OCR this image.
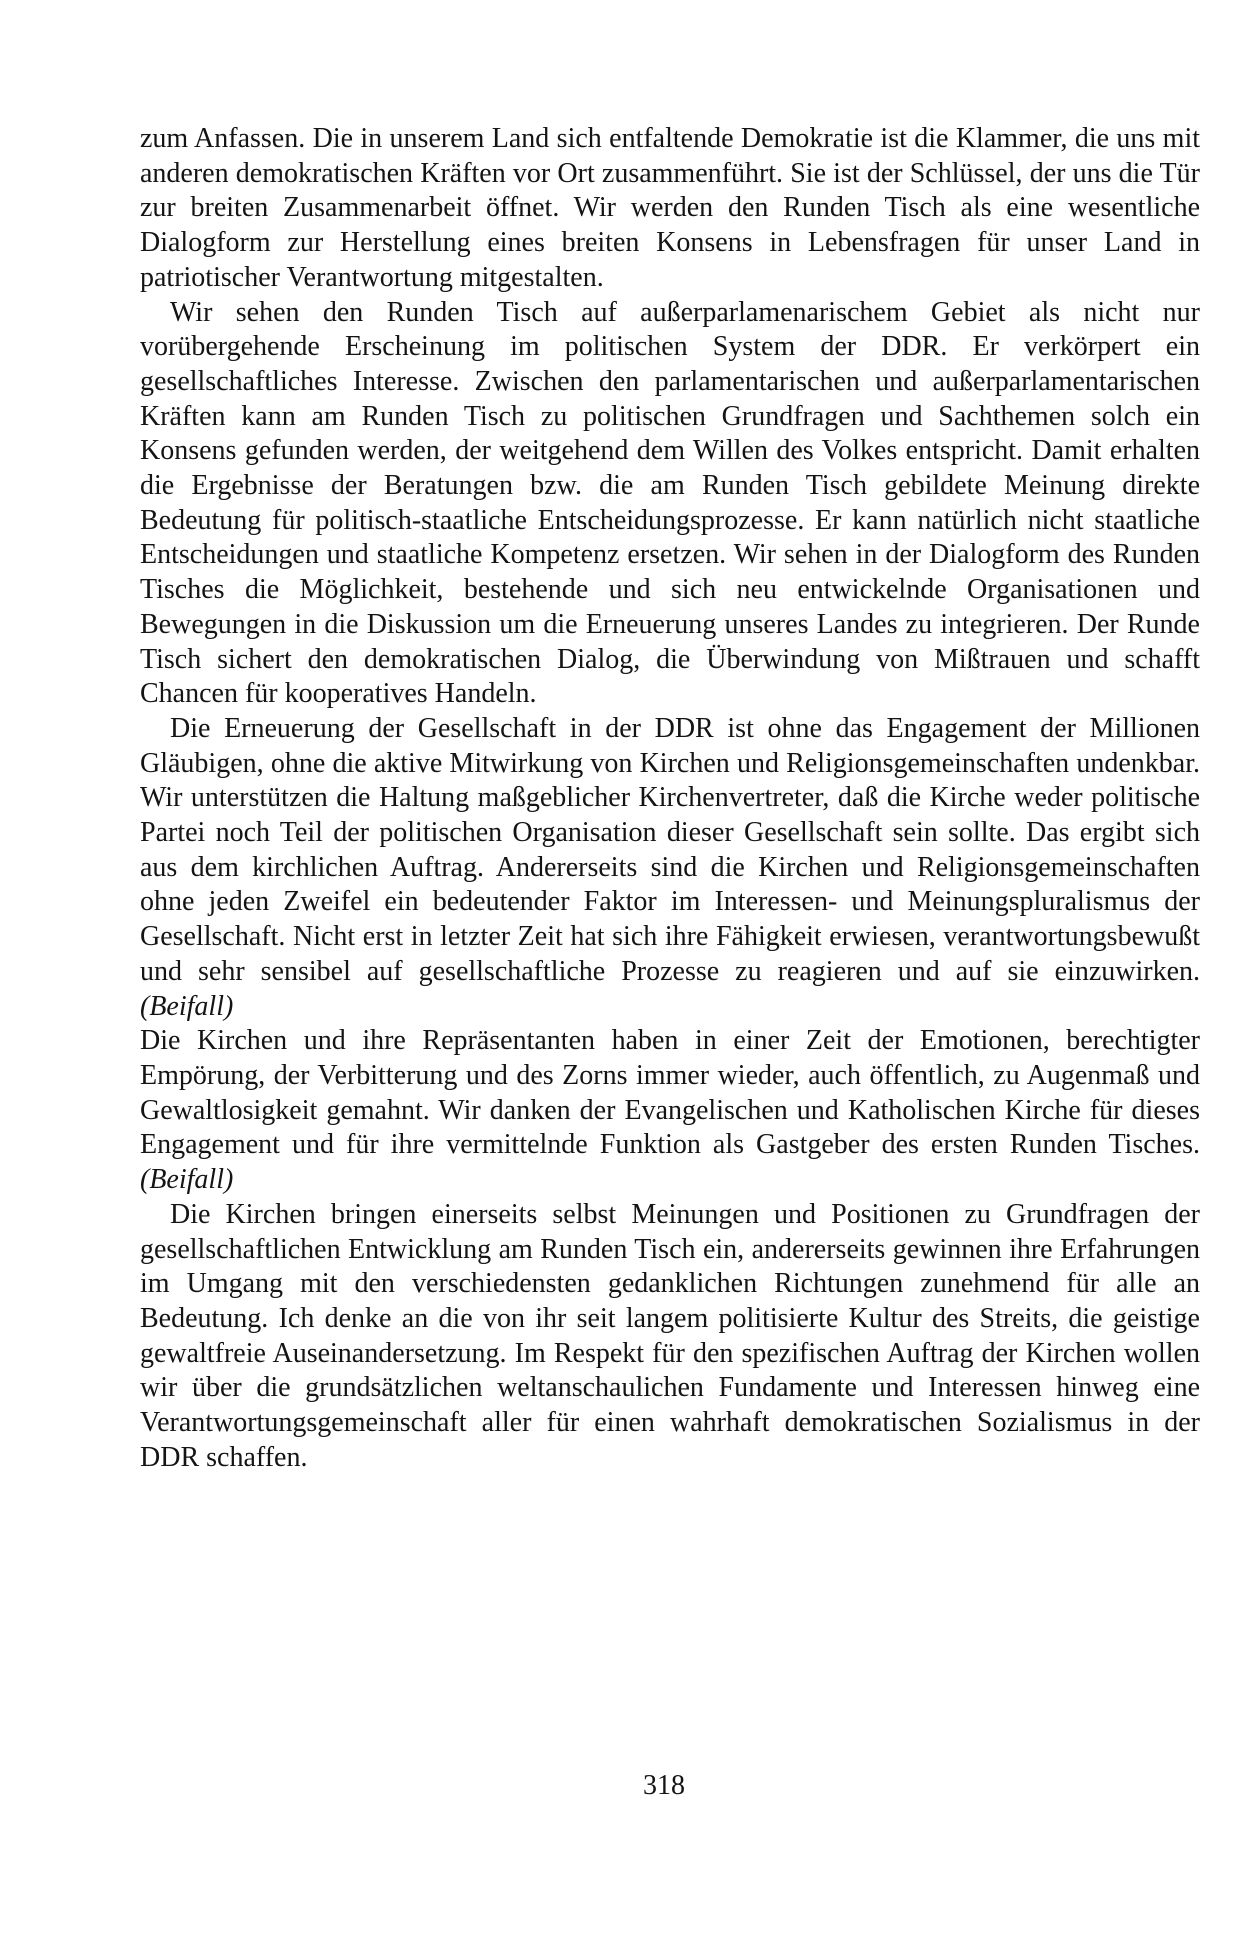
zum Anfassen. Die in unserem Land sich entfaltende Demokratie ist die Klammer, die uns mit anderen demokratischen Kräften vor Ort zusammenführt. Sie ist der Schlüssel, der uns die Tür zur breiten Zusammenarbeit öffnet. Wir werden den Runden Tisch als eine wesentliche Dialogform zur Herstellung eines breiten Konsens in Lebensfragen für unser Land in patriotischer Verantwortung mitgestalten.

Wir sehen den Runden Tisch auf außerparlamenarischem Gebiet als nicht nur vorübergehende Erscheinung im politischen System der DDR. Er verkörpert ein gesellschaftliches Interesse. Zwischen den parlamentarischen und außerparlamentarischen Kräften kann am Runden Tisch zu politischen Grundfragen und Sachthemen solch ein Konsens gefunden werden, der weitgehend dem Willen des Volkes entspricht. Damit erhalten die Ergebnisse der Beratungen bzw. die am Runden Tisch gebildete Meinung direkte Bedeutung für politisch-staatliche Entscheidungsprozesse. Er kann natürlich nicht staatliche Entscheidungen und staatliche Kompetenz ersetzen. Wir sehen in der Dialogform des Runden Tisches die Möglichkeit, bestehende und sich neu entwickelnde Organisationen und Bewegungen in die Diskussion um die Erneuerung unseres Landes zu integrieren. Der Runde Tisch sichert den demokratischen Dialog, die Überwindung von Mißtrauen und schafft Chancen für kooperatives Handeln.

Die Erneuerung der Gesellschaft in der DDR ist ohne das Engagement der Millionen Gläubigen, ohne die aktive Mitwirkung von Kirchen und Religionsgemeinschaften undenkbar. Wir unterstützen die Haltung maßgeblicher Kirchenvertreter, daß die Kirche weder politische Partei noch Teil der politischen Organisation dieser Gesellschaft sein sollte. Das ergibt sich aus dem kirchlichen Auftrag. Andererseits sind die Kirchen und Religionsgemeinschaften ohne jeden Zweifel ein bedeutender Faktor im Interessen- und Meinungspluralismus der Gesellschaft. Nicht erst in letzter Zeit hat sich ihre Fähigkeit erwiesen, verantwortungsbewußt und sehr sensibel auf gesellschaftliche Prozesse zu reagieren und auf sie einzuwirken. (Beifall)

Die Kirchen und ihre Repräsentanten haben in einer Zeit der Emotionen, berechtigter Empörung, der Verbitterung und des Zorns immer wieder, auch öffentlich, zu Augenmaß und Gewaltlosigkeit gemahnt. Wir danken der Evangelischen und Katholischen Kirche für dieses Engagement und für ihre vermittelnde Funktion als Gastgeber des ersten Runden Tisches. (Beifall)

Die Kirchen bringen einerseits selbst Meinungen und Positionen zu Grundfragen der gesellschaftlichen Entwicklung am Runden Tisch ein, andererseits gewinnen ihre Erfahrungen im Umgang mit den verschiedensten gedanklichen Richtungen zunehmend für alle an Bedeutung. Ich denke an die von ihr seit langem politisierte Kultur des Streits, die geistige gewaltfreie Auseinandersetzung. Im Respekt für den spezifischen Auftrag der Kirchen wollen wir über die grundsätzlichen weltanschaulichen Fundamente und Interessen hinweg eine Verantwortungsgemeinschaft aller für einen wahrhaft demokratischen Sozialismus in der DDR schaffen.

318
